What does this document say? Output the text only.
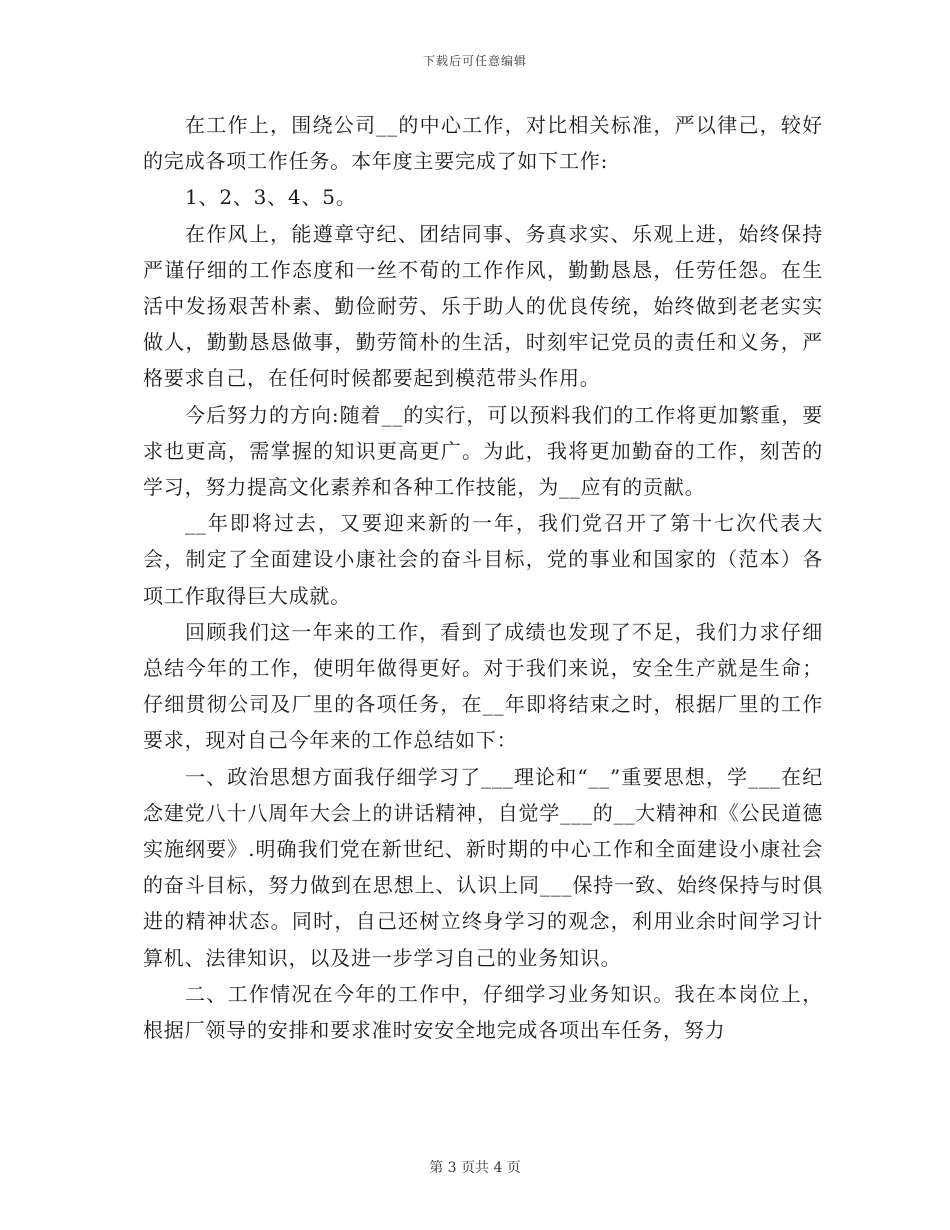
下载后可任意编辑

在工作上，围绕公司__的中心工作，对比相关标准，严以律己，较好的完成各项工作任务。本年度主要完成了如下工作:

1、2、3、4、5。

在作风上，能遵章守纪、团结同事、务真求实、乐观上进，始终保持严谨仔细的工作态度和一丝不荀的工作作风，勤勤恳恳，任劳任怨。在生活中发扬艰苦朴素、勤俭耐劳、乐于助人的优良传统，始终做到老老实实做人，勤勤恳恳做事，勤劳简朴的生活，时刻牢记党员的责任和义务，严格要求自己，在任何时候都要起到模范带头作用。

今后努力的方向:随着__的实行，可以预料我们的工作将更加繁重，要求也更高，需掌握的知识更高更广。为此，我将更加勤奋的工作，刻苦的学习，努力提高文化素养和各种工作技能，为__应有的贡献。

__年即将过去，又要迎来新的一年，我们党召开了第十七次代表大会，制定了全面建设小康社会的奋斗目标，党的事业和国家的（范本）各项工作取得巨大成就。

回顾我们这一年来的工作，看到了成绩也发现了不足，我们力求仔细总结今年的工作，使明年做得更好。对于我们来说，安全生产就是生命；仔细贯彻公司及厂里的各项任务，在__年即将结束之时，根据厂里的工作要求，现对自己今年来的工作总结如下：

一、政治思想方面我仔细学习了___理论和“__”重要思想，学___在纪念建党八十八周年大会上的讲话精神，自觉学___的__大精神和《公民道德实施纲要》.明确我们党在新世纪、新时期的中心工作和全面建设小康社会的奋斗目标，努力做到在思想上、认识上同___保持一致、始终保持与时俱进的精神状态。同时，自己还树立终身学习的观念，利用业余时间学习计算机、法律知识，以及进一步学习自己的业务知识。

二、工作情况在今年的工作中，仔细学习业务知识。我在本岗位上，根据厂领导的安排和要求准时安安全地完成各项出车任务，努力

第 3 页共 4 页
